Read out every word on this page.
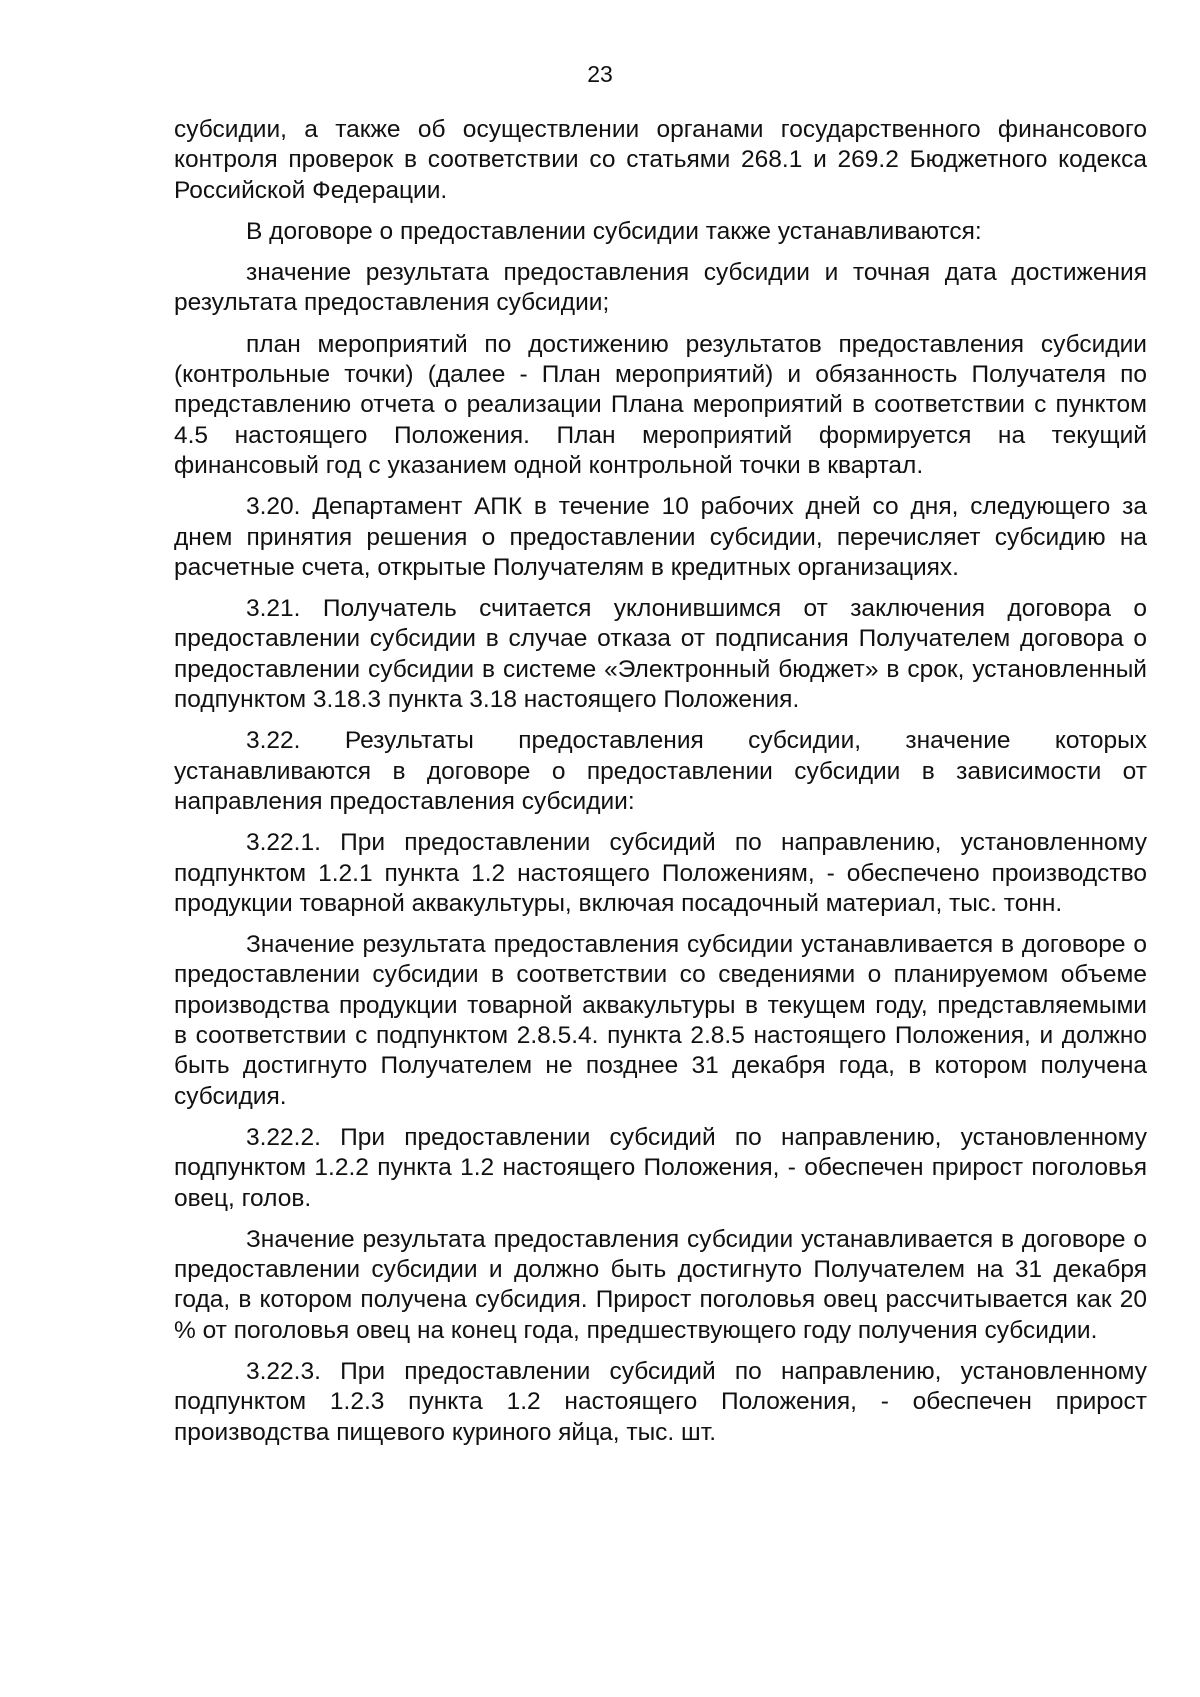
23

субсидии, а также об осуществлении органами государственного финансового контроля проверок в соответствии со статьями 268.1 и 269.2 Бюджетного кодекса Российской Федерации.

В договоре о предоставлении субсидии также устанавливаются:

значение результата предоставления субсидии и точная дата достижения результата предоставления субсидии;

план мероприятий по достижению результатов предоставления субсидии (контрольные точки) (далее - План мероприятий) и обязанность Получателя по представлению отчета о реализации Плана мероприятий в соответствии с пунктом 4.5 настоящего Положения. План мероприятий формируется на текущий финансовый год с указанием одной контрольной точки в квартал.

3.20. Департамент АПК в течение 10 рабочих дней со дня, следующего за днем принятия решения о предоставлении субсидии, перечисляет субсидию на расчетные счета, открытые Получателям в кредитных организациях.

3.21. Получатель считается уклонившимся от заключения договора о предоставлении субсидии в случае отказа от подписания Получателем договора о предоставлении субсидии в системе «Электронный бюджет» в срок, установленный подпунктом 3.18.3 пункта 3.18 настоящего Положения.

3.22. Результаты предоставления субсидии, значение которых устанавливаются в договоре о предоставлении субсидии в зависимости от направления предоставления субсидии:

3.22.1. При предоставлении субсидий по направлению, установленному подпунктом 1.2.1 пункта 1.2 настоящего Положениям, - обеспечено производство продукции товарной аквакультуры, включая посадочный материал, тыс. тонн.

Значение результата предоставления субсидии устанавливается в договоре о предоставлении субсидии в соответствии со сведениями о планируемом объеме производства продукции товарной аквакультуры в текущем году, представляемыми в соответствии с подпунктом 2.8.5.4. пункта 2.8.5 настоящего Положения, и должно быть достигнуто Получателем не позднее 31 декабря года, в котором получена субсидия.

3.22.2. При предоставлении субсидий по направлению, установленному подпунктом 1.2.2 пункта 1.2 настоящего Положения, - обеспечен прирост поголовья овец, голов.

Значение результата предоставления субсидии устанавливается в договоре о предоставлении субсидии и должно быть достигнуто Получателем на 31 декабря года, в котором получена субсидия. Прирост поголовья овец рассчитывается как 20 % от поголовья овец на конец года, предшествующего году получения субсидии.

3.22.3. При предоставлении субсидий по направлению, установленному подпунктом 1.2.3 пункта 1.2 настоящего Положения, - обеспечен прирост производства пищевого куриного яйца, тыс. шт.
